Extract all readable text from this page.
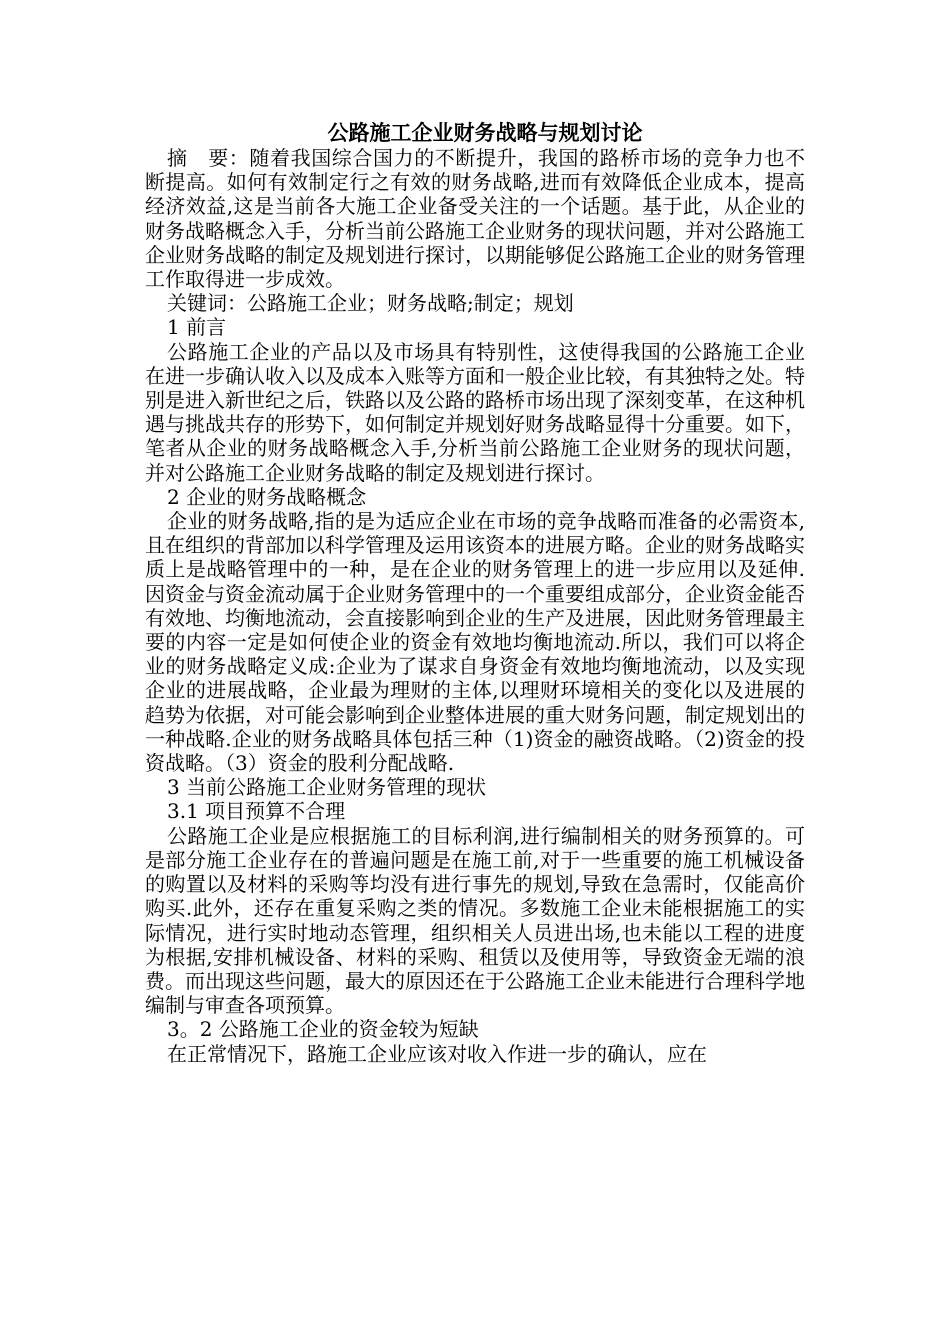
公路施工企业财务战略与规划讨论

摘　要：随着我国综合国力的不断提升，我国的路桥市场的竞争力也不断提高。如何有效制定行之有效的财务战略,进而有效降低企业成本，提高经济效益,这是当前各大施工企业备受关注的一个话题。基于此，从企业的财务战略概念入手，分析当前公路施工企业财务的现状问题，并对公路施工企业财务战略的制定及规划进行探讨，以期能够促公路施工企业的财务管理工作取得进一步成效。

关键词：公路施工企业；财务战略;制定；规划

1 前言

公路施工企业的产品以及市场具有特别性，这使得我国的公路施工企业在进一步确认收入以及成本入账等方面和一般企业比较，有其独特之处。特别是进入新世纪之后，铁路以及公路的路桥市场出现了深刻变革，在这种机遇与挑战共存的形势下，如何制定并规划好财务战略显得十分重要。如下，笔者从企业的财务战略概念入手,分析当前公路施工企业财务的现状问题，并对公路施工企业财务战略的制定及规划进行探讨。

2 企业的财务战略概念

企业的财务战略,指的是为适应企业在市场的竞争战略而准备的必需资本,且在组织的背部加以科学管理及运用该资本的进展方略。企业的财务战略实质上是战略管理中的一种，是在企业的财务管理上的进一步应用以及延伸.因资金与资金流动属于企业财务管理中的一个重要组成部分，企业资金能否有效地、均衡地流动，会直接影响到企业的生产及进展，因此财务管理最主要的内容一定是如何使企业的资金有效地均衡地流动.所以，我们可以将企业的财务战略定义成:企业为了谋求自身资金有效地均衡地流动，以及实现企业的进展战略，企业最为理财的主体,以理财环境相关的变化以及进展的趋势为依据，对可能会影响到企业整体进展的重大财务问题，制定规划出的一种战略.企业的财务战略具体包括三种（1)资金的融资战略。（2)资金的投资战略。（3）资金的股利分配战略.

3 当前公路施工企业财务管理的现状

3.1 项目预算不合理

公路施工企业是应根据施工的目标利润,进行编制相关的财务预算的。可是部分施工企业存在的普遍问题是在施工前,对于一些重要的施工机械设备的购置以及材料的采购等均没有进行事先的规划,导致在急需时，仅能高价购买.此外，还存在重复采购之类的情况。多数施工企业未能根据施工的实际情况，进行实时地动态管理，组织相关人员进出场,也未能以工程的进度为根据,安排机械设备、材料的采购、租赁以及使用等，导致资金无端的浪费。而出现这些问题，最大的原因还在于公路施工企业未能进行合理科学地编制与审查各项预算。

3。2 公路施工企业的资金较为短缺

在正常情况下，路施工企业应该对收入作进一步的确认，应在
